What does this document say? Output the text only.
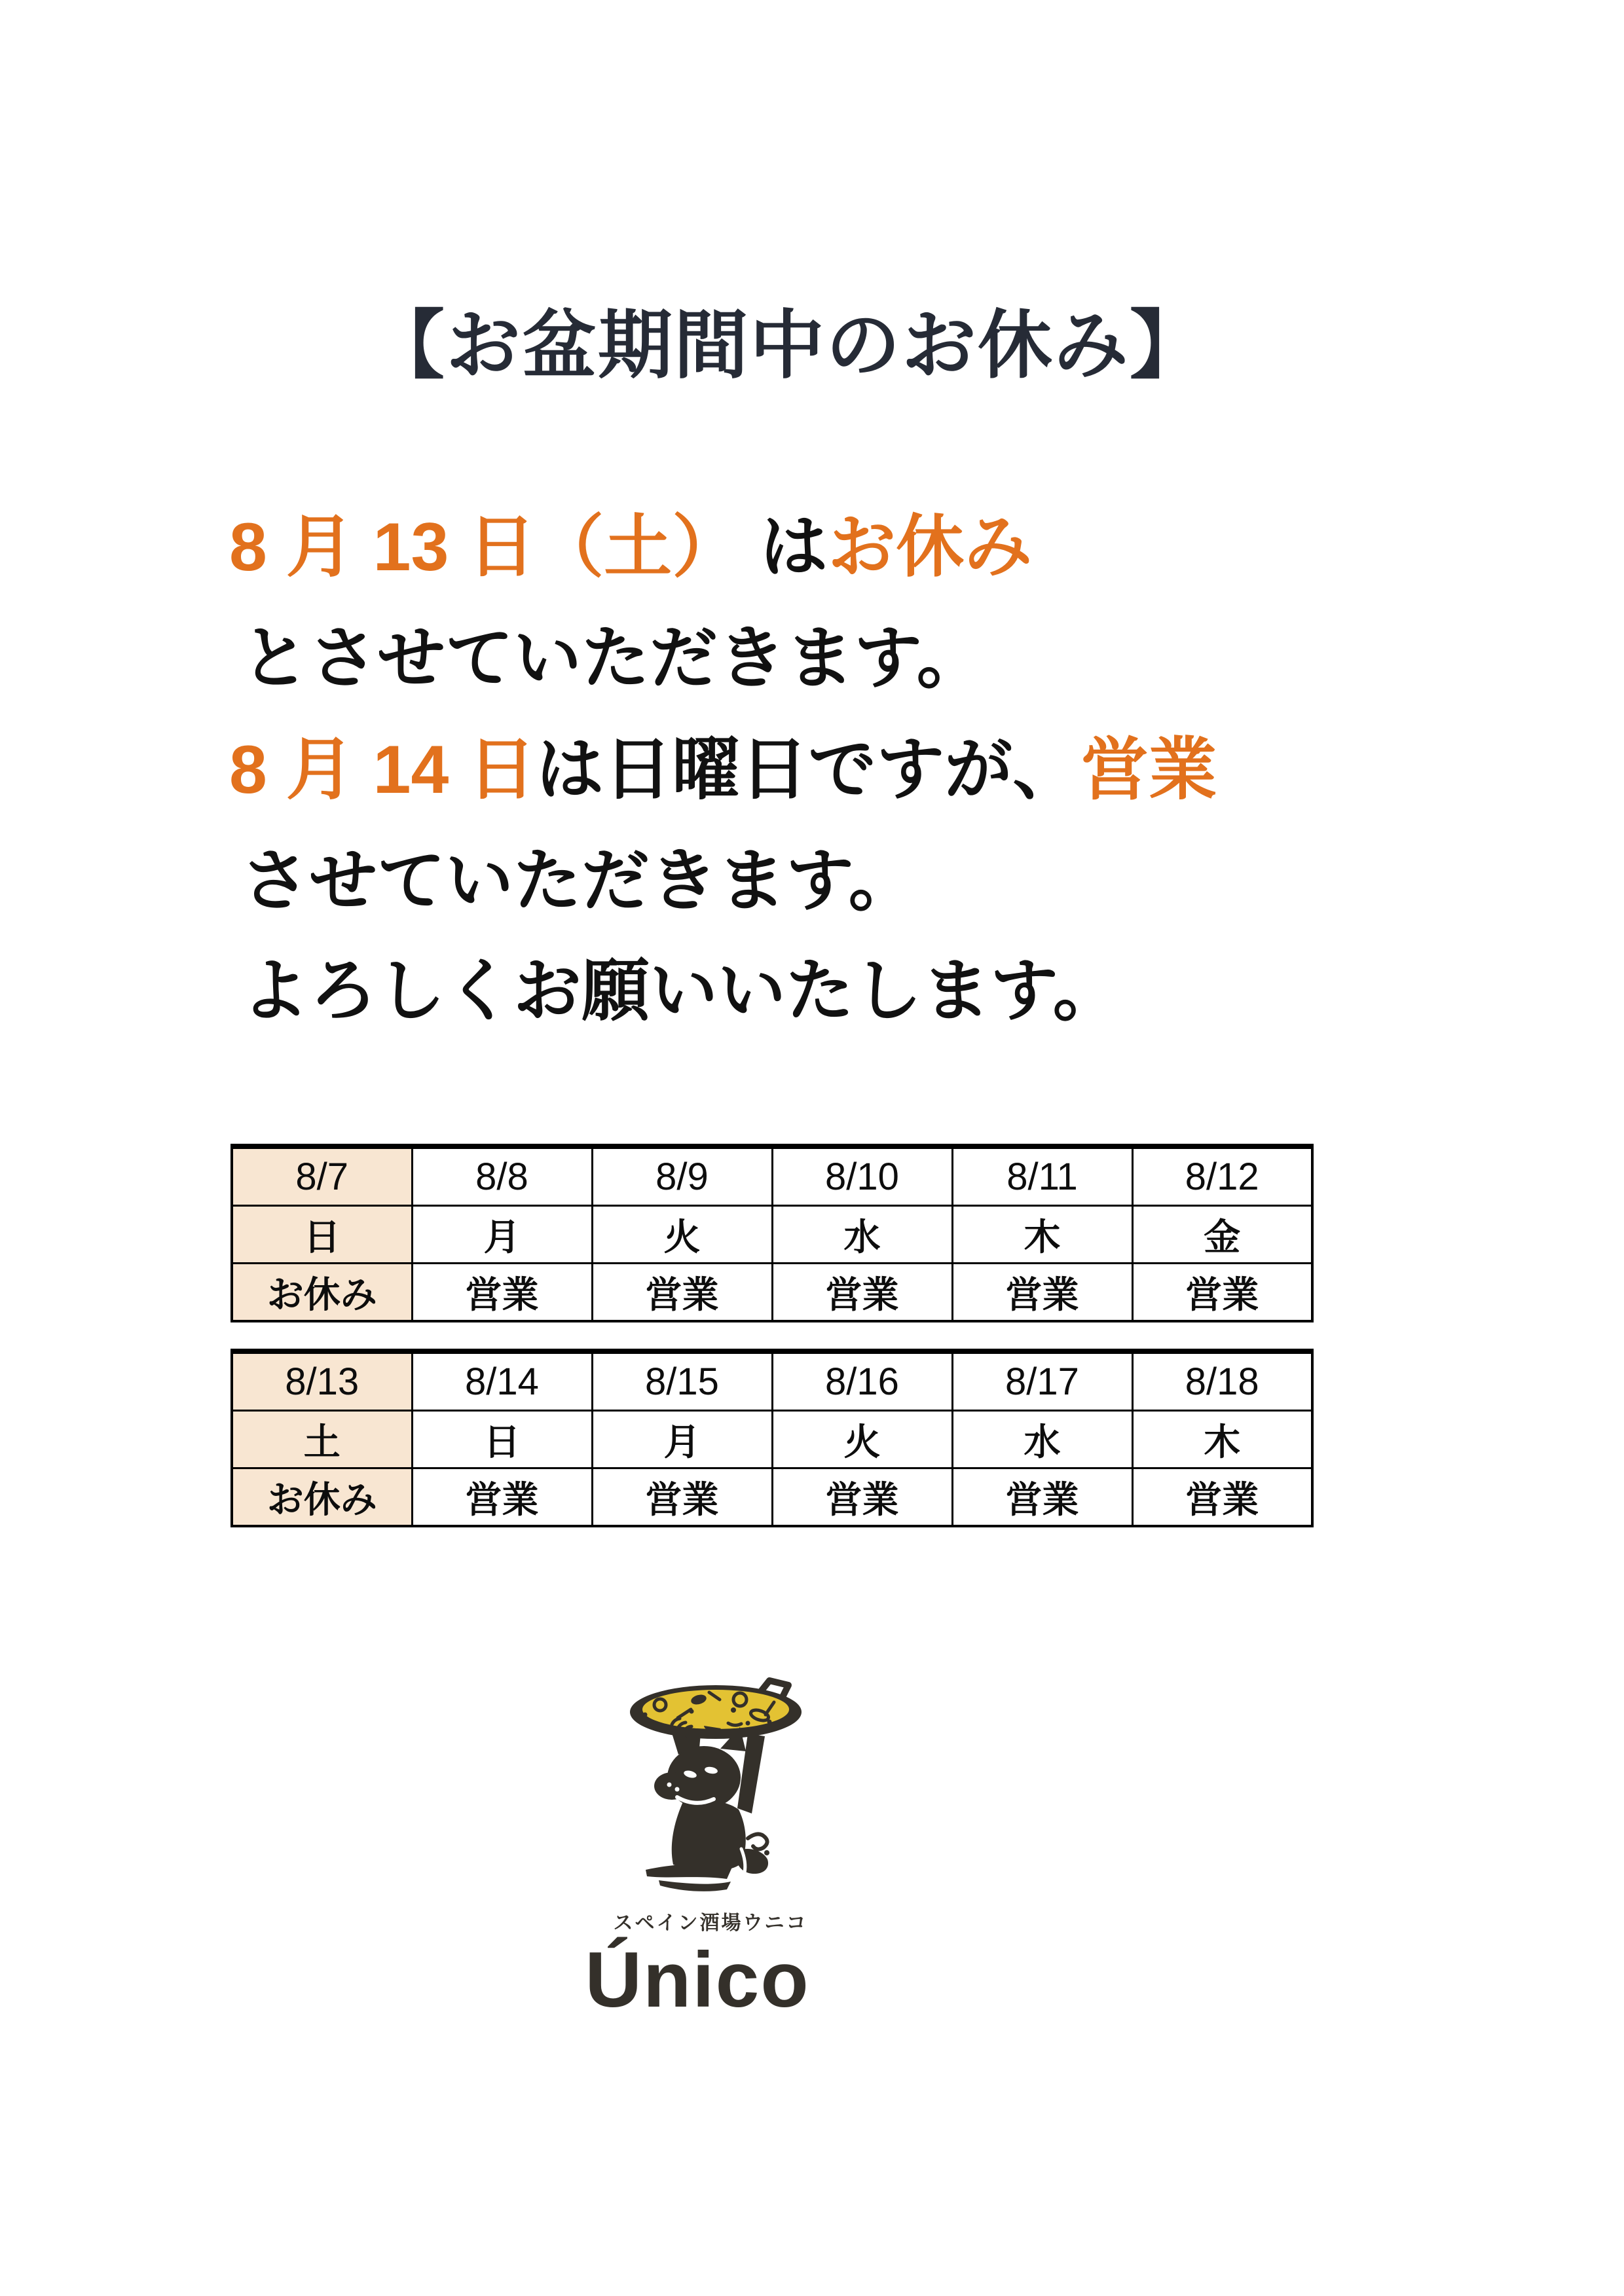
【お盆期間中のお休み】

8 月 13 日（土） はお休み

とさせていただきます。

8 月 14 日は日曜日ですが、営業

させていただきます。

よろしくお願いいたします。

8/7	8/8	8/9	8/10	8/11	8/12
日	月	火	水	木	金
お休み	営業	営業	営業	営業	営業
8/13	8/14	8/15	8/16	8/17	8/18
土	日	月	火	水	木
お休み	営業	営業	営業	営業	営業
スペイン酒場ウニコ
Único
